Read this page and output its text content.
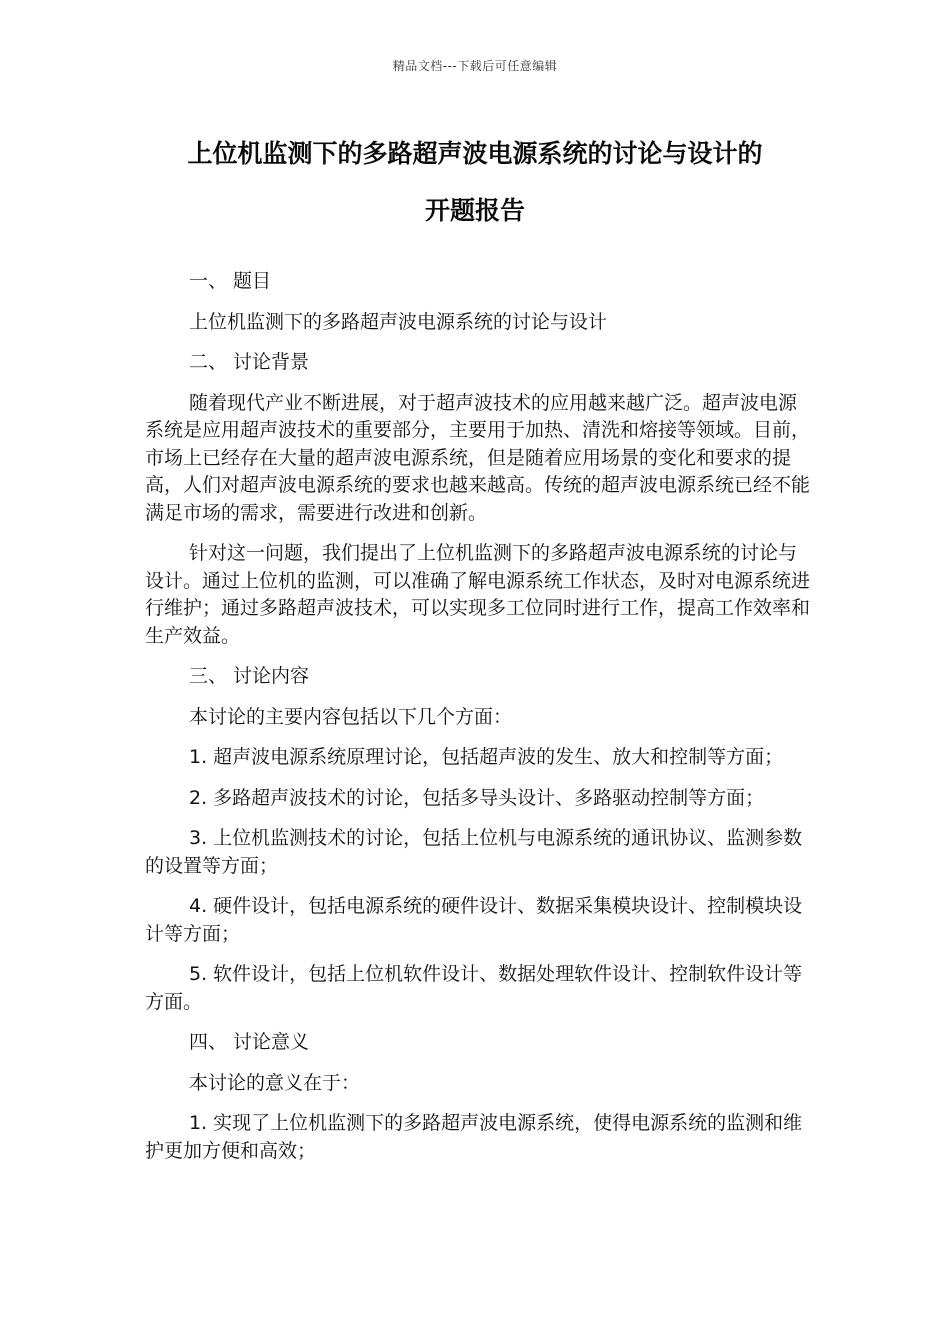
精品文档---下载后可任意编辑
上位机监测下的多路超声波电源系统的讨论与设计的
开题报告

一、 题目

上位机监测下的多路超声波电源系统的讨论与设计

二、 讨论背景

随着现代产业不断进展，对于超声波技术的应用越来越广泛。超声波电源系统是应用超声波技术的重要部分，主要用于加热、清洗和熔接等领域。目前，市场上已经存在大量的超声波电源系统，但是随着应用场景的变化和要求的提高，人们对超声波电源系统的要求也越来越高。传统的超声波电源系统已经不能满足市场的需求，需要进行改进和创新。

针对这一问题，我们提出了上位机监测下的多路超声波电源系统的讨论与设计。通过上位机的监测，可以准确了解电源系统工作状态，及时对电源系统进行维护；通过多路超声波技术，可以实现多工位同时进行工作，提高工作效率和生产效益。

三、 讨论内容

本讨论的主要内容包括以下几个方面：

1. 超声波电源系统原理讨论，包括超声波的发生、放大和控制等方面；

2. 多路超声波技术的讨论，包括多导头设计、多路驱动控制等方面；

3. 上位机监测技术的讨论，包括上位机与电源系统的通讯协议、监测参数的设置等方面；

4. 硬件设计，包括电源系统的硬件设计、数据采集模块设计、控制模块设计等方面；

5. 软件设计，包括上位机软件设计、数据处理软件设计、控制软件设计等方面。

四、 讨论意义

本讨论的意义在于：

1. 实现了上位机监测下的多路超声波电源系统，使得电源系统的监测和维护更加方便和高效；
